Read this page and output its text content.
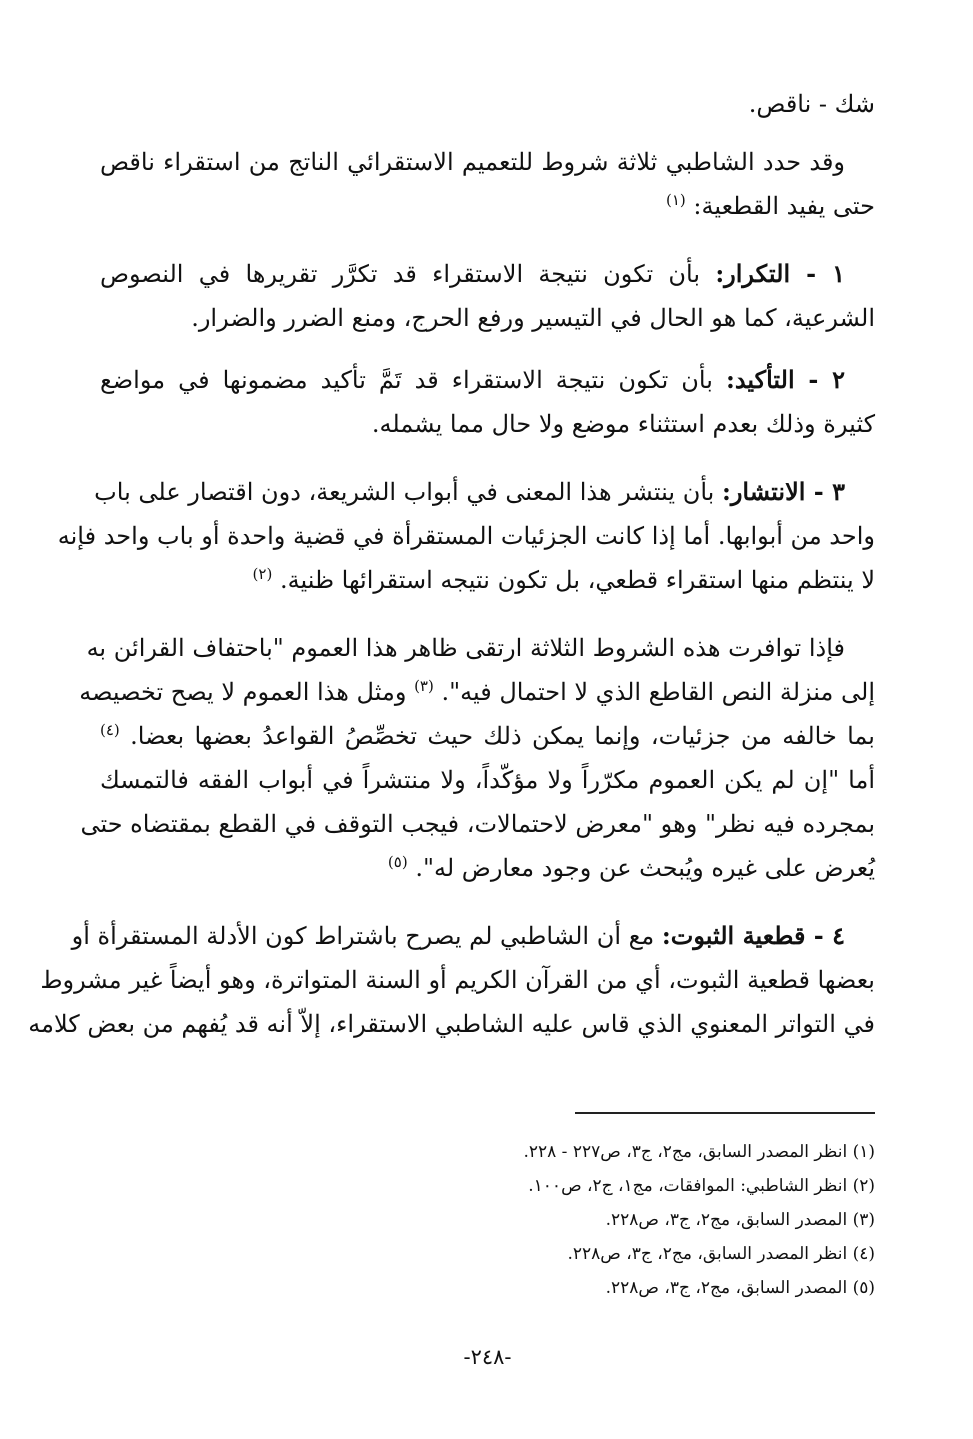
شك - ناقص.
وقد حدد الشاطبي ثلاثة شروط للتعميم الاستقرائي الناتج من استقراء ناقص
حتى يفيد القطعية: $^{(١)}$
١ - التكرار: بأن تكون نتيجة الاستقراء قد تكرَّر تقريرها في النصوص
الشرعية، كما هو الحال في التيسير ورفع الحرج، ومنع الضرر والضرار.
٢ - التأكيد: بأن تكون نتيجة الاستقراء قد تَمَّ تأكيد مضمونها في مواضع
كثيرة وذلك بعدم استثناء موضع ولا حال مما يشمله.
٣ - الانتشار: بأن ينتشر هذا المعنى في أبواب الشريعة، دون اقتصار على باب
واحد من أبوابها. أما إذا كانت الجزئيات المستقرأة في قضية واحدة أو باب واحد فإنه
لا ينتظم منها استقراء قطعي، بل تكون نتيجه استقرائها ظنية. $^{(٢)}$
فإذا توافرت هذه الشروط الثلاثة ارتقى ظاهر هذا العموم "باحتفاف القرائن به
إلى منزلة النص القاطع الذي لا احتمال فيه". $^{(٣)}$ ومثل هذا العموم لا يصح تخصيصه
بما خالفه من جزئيات، وإنما يمكن ذلك حيث تخصِّصُ القواعدُ بعضها بعضا. $^{(٤)}$
أما "إن لم يكن العموم مكرّراً ولا مؤكّداً، ولا منتشراً في أبواب الفقه فالتمسك
بمجرده فيه نظر" وهو "معرض لاحتمالات، فيجب التوقف في القطع بمقتضاه حتى
يُعرض على غيره ويُبحث عن وجود معارض له". $^{(٥)}$
٤ - قطعية الثبوت: مع أن الشاطبي لم يصرح باشتراط كون الأدلة المستقرأة أو
بعضها قطعية الثبوت، أي من القرآن الكريم أو السنة المتواترة، وهو أيضاً غير مشروط
في التواتر المعنوي الذي قاس عليه الشاطبي الاستقراء، إلاّ أنه قد يُفهم من بعض كلامه
(١) انظر المصدر السابق، مج٢، ج٣، ص٢٢٧ - ٢٢٨.
(٢) انظر الشاطبي: الموافقات، مج١، ج٢، ص١٠٠.
(٣) المصدر السابق، مج٢، ج٣، ص٢٢٨.
(٤) انظر المصدر السابق، مج٢، ج٣، ص٢٢٨.
(٥) المصدر السابق، مج٢، ج٣، ص٢٢٨.
-٢٤٨-
